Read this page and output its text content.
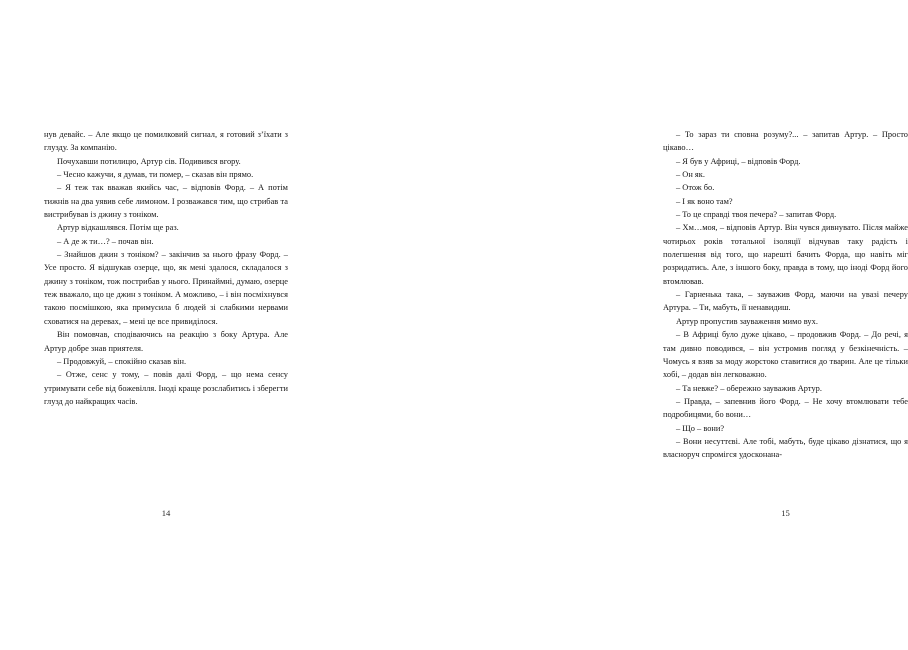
нув девайс. – Але якщо це помилковий сигнал, я готовий з’їхати з глузду. За компанію.

Почухавши потилицю, Артур сів. Подивився вгору.

– Чесно кажучи, я думав, ти помер, – сказав він прямо.

– Я теж так вважав якийсь час, – відповів Форд. – А потім тижнів на два уявив себе лимоном. І розважався тим, що стрибав та вистрибував із джину з тоніком.

Артур відкашлявся. Потім ще раз.

– А де ж ти…? – почав він.

– Знайшов джин з тоніком? – закінчив за нього фразу Форд. – Усе просто. Я відшукав озерце, що, як мені здалося, складалося з джину з тоніком, тож пострибав у нього. Принаймні, думаю, озерце теж вважало, що це джин з тоніком. А можливо, – і він посміхнувся такою посмішкою, яка примусила б людей зі слабкими нервами сховатися на деревах, – мені це все привиділося.

Він помовчав, сподіваючись на реакцію з боку Артура. Але Артур добре знав приятеля.

– Продовжуй, – спокійно сказав він.

– Отже, сенс у тому, – повів далі Форд, – що нема сенсу утримувати себе від божевілля. Іноді краще розслабитись і зберегти глузд до найкращих часів.

14

– То зараз ти сповна розуму?... – запитав Артур. – Просто цікаво…

– Я був у Африці, – відповів Форд.

– Он як.

– Отож бо.

– І як воно там?

– То це справді твоя печера? – запитав Форд.

– Хм…моя, – відповів Артур. Він чувся дивнувато. Після майже чотирьох років тотальної ізоляції відчував таку радість і полегшення від того, що нарешті бачить Форда, що навіть міг розридатись. Але, з іншого боку, правда в тому, що іноді Форд його втомлював.

– Гарненька така, – зауважив Форд, маючи на увазі печеру Артура. – Ти, мабуть, її ненавидиш.

Артур пропустив зауваження мимо вух.

– В Африці було дуже цікаво, – продовжив Форд. – До речі, я там дивно поводився, – він устромив погляд у безкінечність. – Чомусь я взяв за моду жорстоко ставитися до тварин. Але це тільки хобі, – додав він легковажно.

– Та невже? – обережно зауважив Артур.

– Правда, – запевнив його Форд. – Не хочу втомлювати тебе подробицями, бо вони…

– Що – вони?

– Вони несуттєві. Але тобі, мабуть, буде цікаво дізнатися, що я власноруч спромігся удосконана-

15
